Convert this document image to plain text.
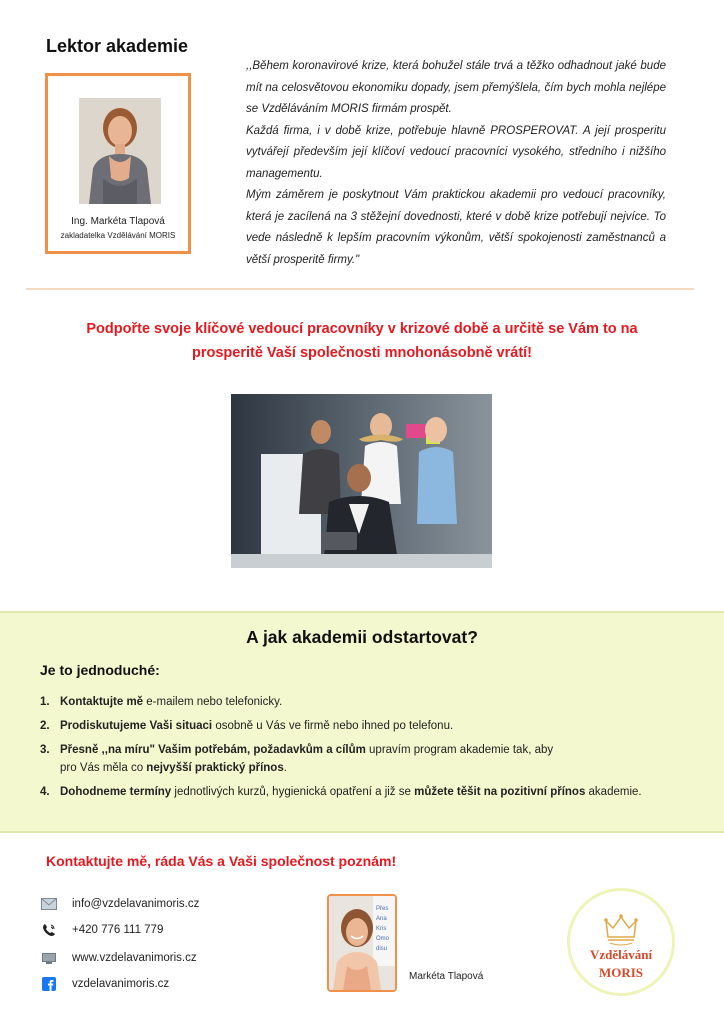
Lektor akademie
Ing. Markéta Tlapová
zakladatelka Vzdělávání MORIS

,,Během koronavirové krize, která bohužel stále trvá a těžko odhadnout jaké bude mít na celosvětovou ekonomiku dopady, jsem přemýšlela, čím bych mohla nejlépe se Vzděláváním MORIS firmám prospět.

Každá firma, i v době krize, potřebuje hlavně PROSPEROVAT. A její prosperitu vytvářejí především její klíčoví vedoucí pracovníci vysokého, středního i nižšího managementu.

Mým záměrem je poskytnout Vám praktickou akademii pro vedoucí pracovníky, která je zacílená na 3 stěžejní dovednosti, které v době krize potřebují nejvíce. To vede následně k lepším pracovním výkonům, větší spokojenosti zaměstnanců a větší prosperitě firmy."

Podpořte svoje klíčové vedoucí pracovníky v krizové době a určitě se Vám to na
prosperitě Vaší společnosti mnohonásobně vrátí!
A jak akademii odstartovat?
Je to jednoduché:
1. Kontaktujte mě e-mailem nebo telefonicky.
2. Prodiskutujeme Vaši situaci osobně u Vás ve firmě nebo ihned po telefonu.
3. Přesně ,,na míru" Vašim potřebám, požadavkům a cílům upravím program akademie tak, aby
pro Vás měla co nejvyšší praktický přínos.
4. Dohodneme termíny jednotlivých kurzů, hygienická opatření a již se můžete těšit na pozitivní přínos akademie.
Kontaktujte mě, ráda Vás a Vaši společnost poznám!
info@vzdelavanimoris.cz
+420 776 111 779
www.vzdelavanimoris.cz
vzdelavanimoris.cz
Přes
Ana
Kris
Omo
disu
Markéta Tlapová
Vzdělávání
MORIS
